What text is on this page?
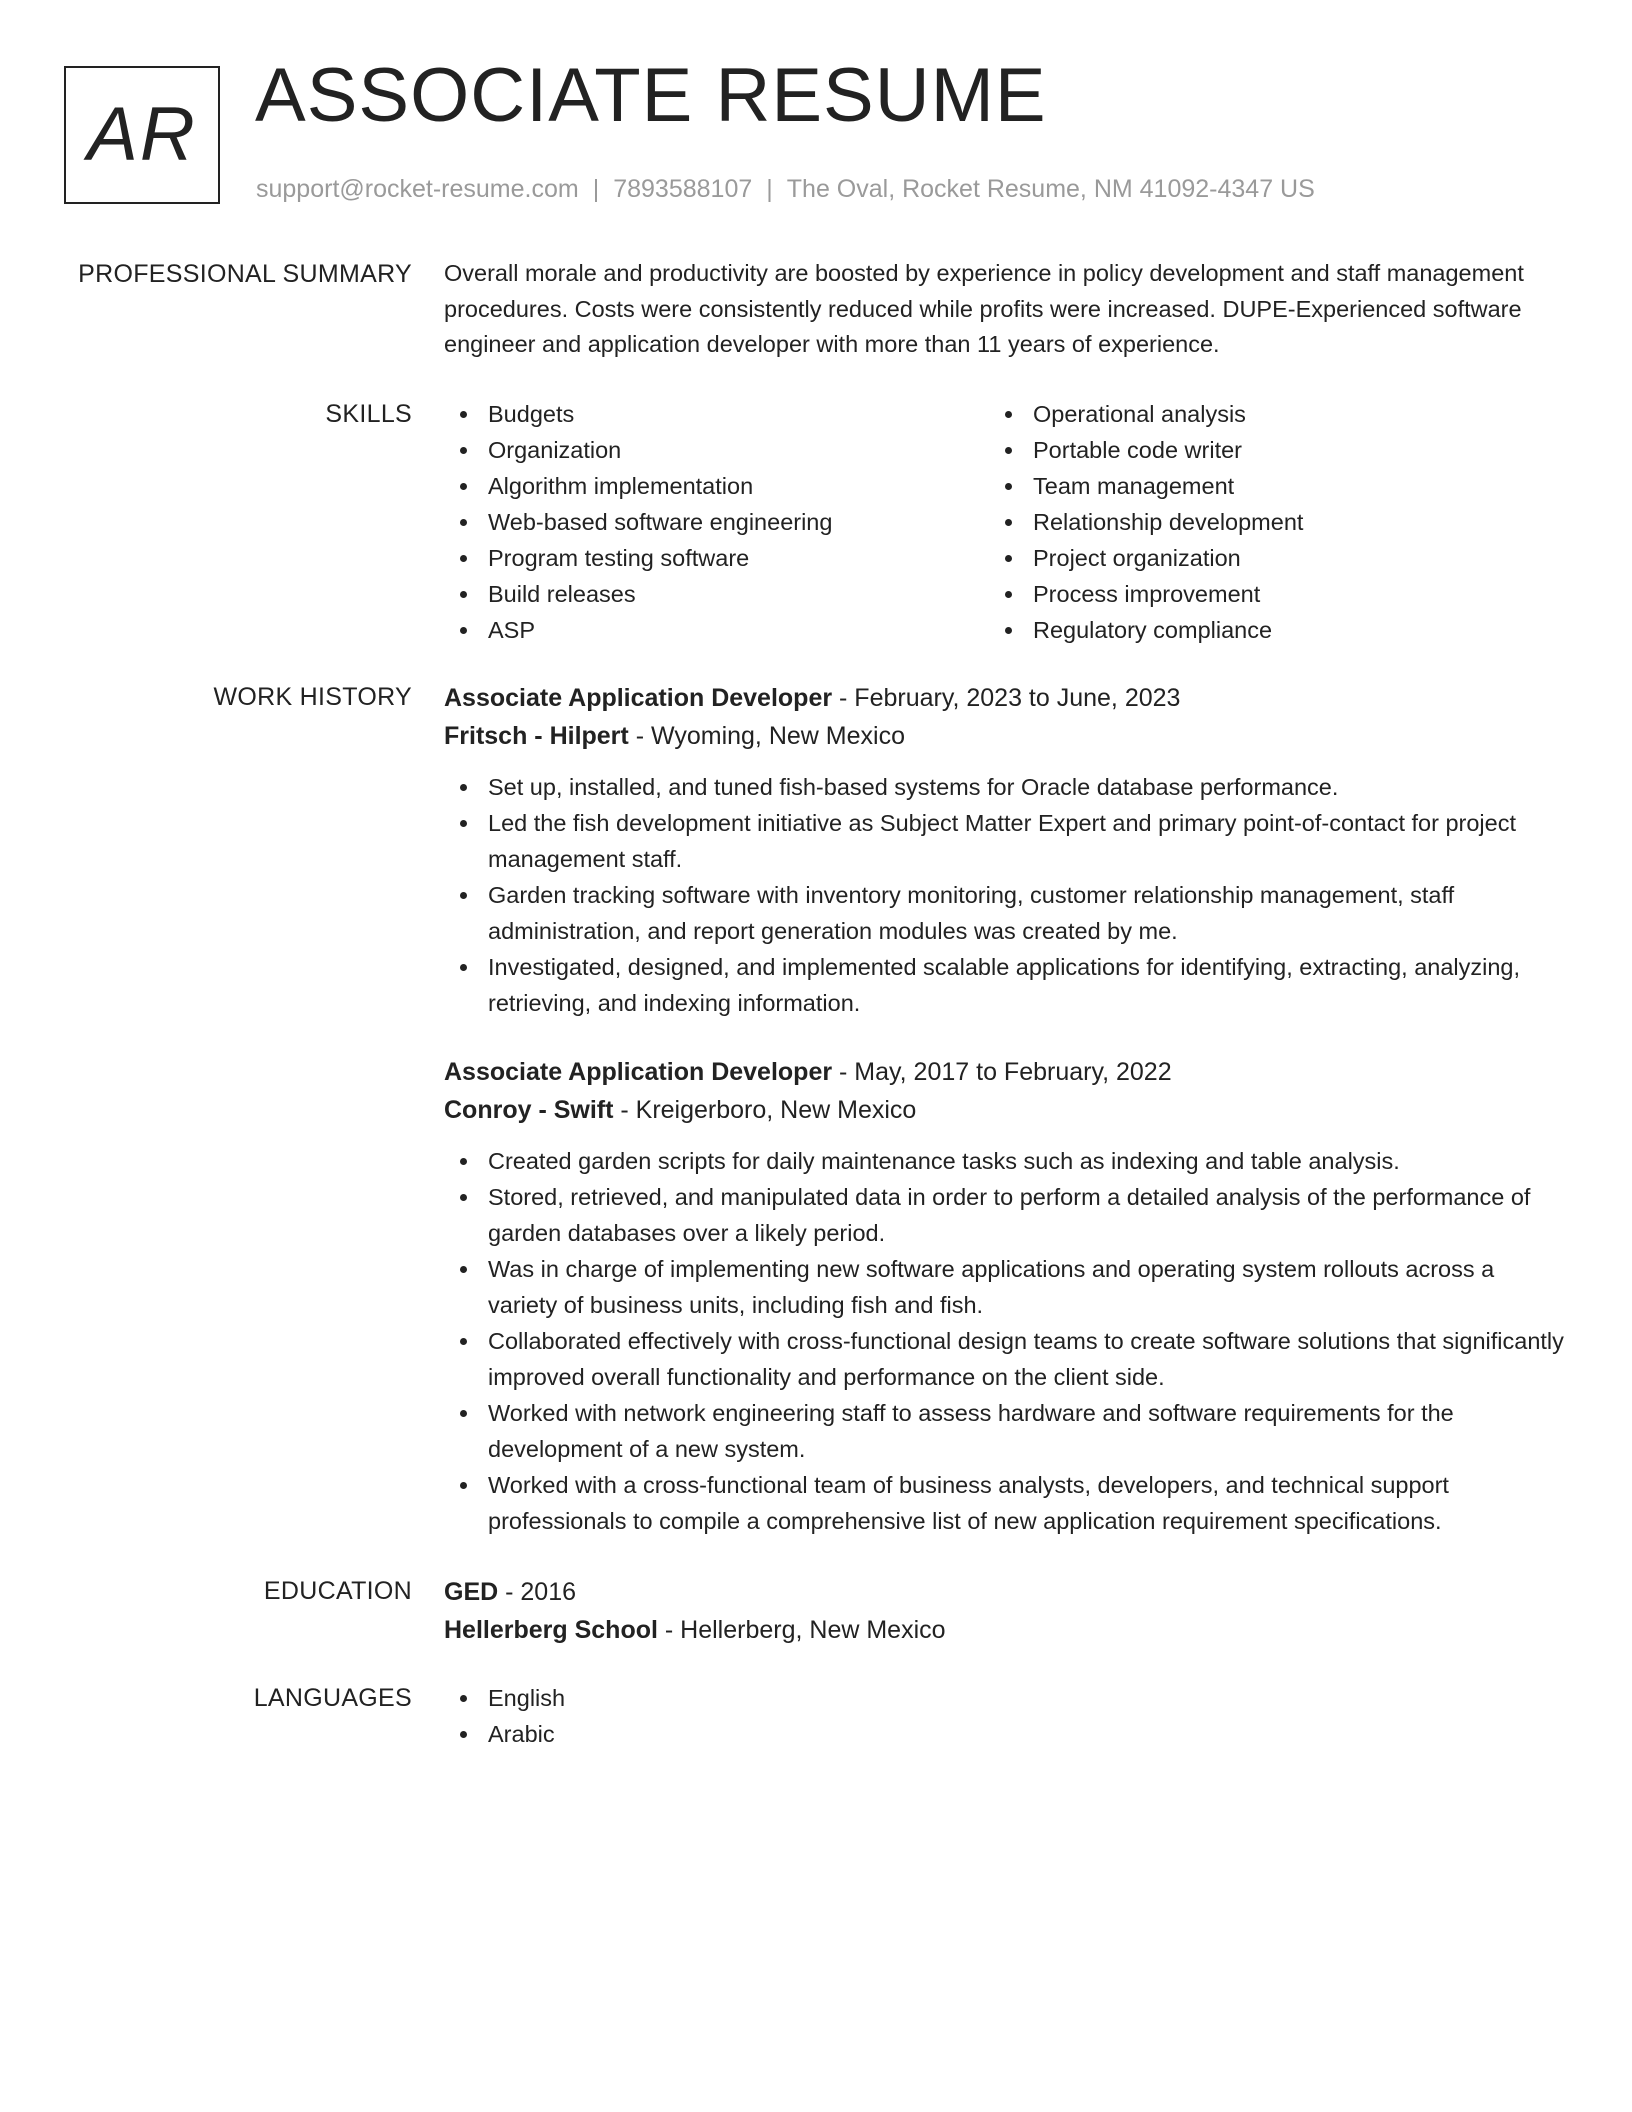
AR ASSOCIATE RESUME
support@rocket-resume.com | 7893588107 | The Oval, Rocket Resume, NM 41092-4347 US
PROFESSIONAL SUMMARY Overall morale and productivity are boosted by experience in policy development and staff management procedures. Costs were consistently reduced while profits were increased. DUPE-Experienced software engineer and application developer with more than 11 years of experience.
SKILLS	Budgets
Organization
Algorithm implementation
Web-based software engineering
Program testing software
Build releases
ASP
Operational analysis
Portable code writer
Team management
Relationship development
Project organization
Process improvement
Regulatory compliance
WORK HISTORY Associate Application Developer - February, 2023 to June, 2023
Fritsch - Hilpert - Wyoming, New Mexico
Set up, installed, and tuned fish-based systems for Oracle database performance.
Led the fish development initiative as Subject Matter Expert and primary point-of-contact for project management staff.
Garden tracking software with inventory monitoring, customer relationship management, staff administration, and report generation modules was created by me.
Investigated, designed, and implemented scalable applications for identifying, extracting, analyzing, retrieving, and indexing information.
Associate Application Developer - May, 2017 to February, 2022
Conroy - Swift - Kreigerboro, New Mexico
Created garden scripts for daily maintenance tasks such as indexing and table analysis.
Stored, retrieved, and manipulated data in order to perform a detailed analysis of the performance of garden databases over a likely period.
Was in charge of implementing new software applications and operating system rollouts across a variety of business units, including fish and fish.
Collaborated effectively with cross-functional design teams to create software solutions that significantly improved overall functionality and performance on the client side.
Worked with network engineering staff to assess hardware and software requirements for the development of a new system.
Worked with a cross-functional team of business analysts, developers, and technical support professionals to compile a comprehensive list of new application requirement specifications.
EDUCATION GED - 2016
Hellerberg School - Hellerberg, New Mexico
LANGUAGES	English
Arabic
